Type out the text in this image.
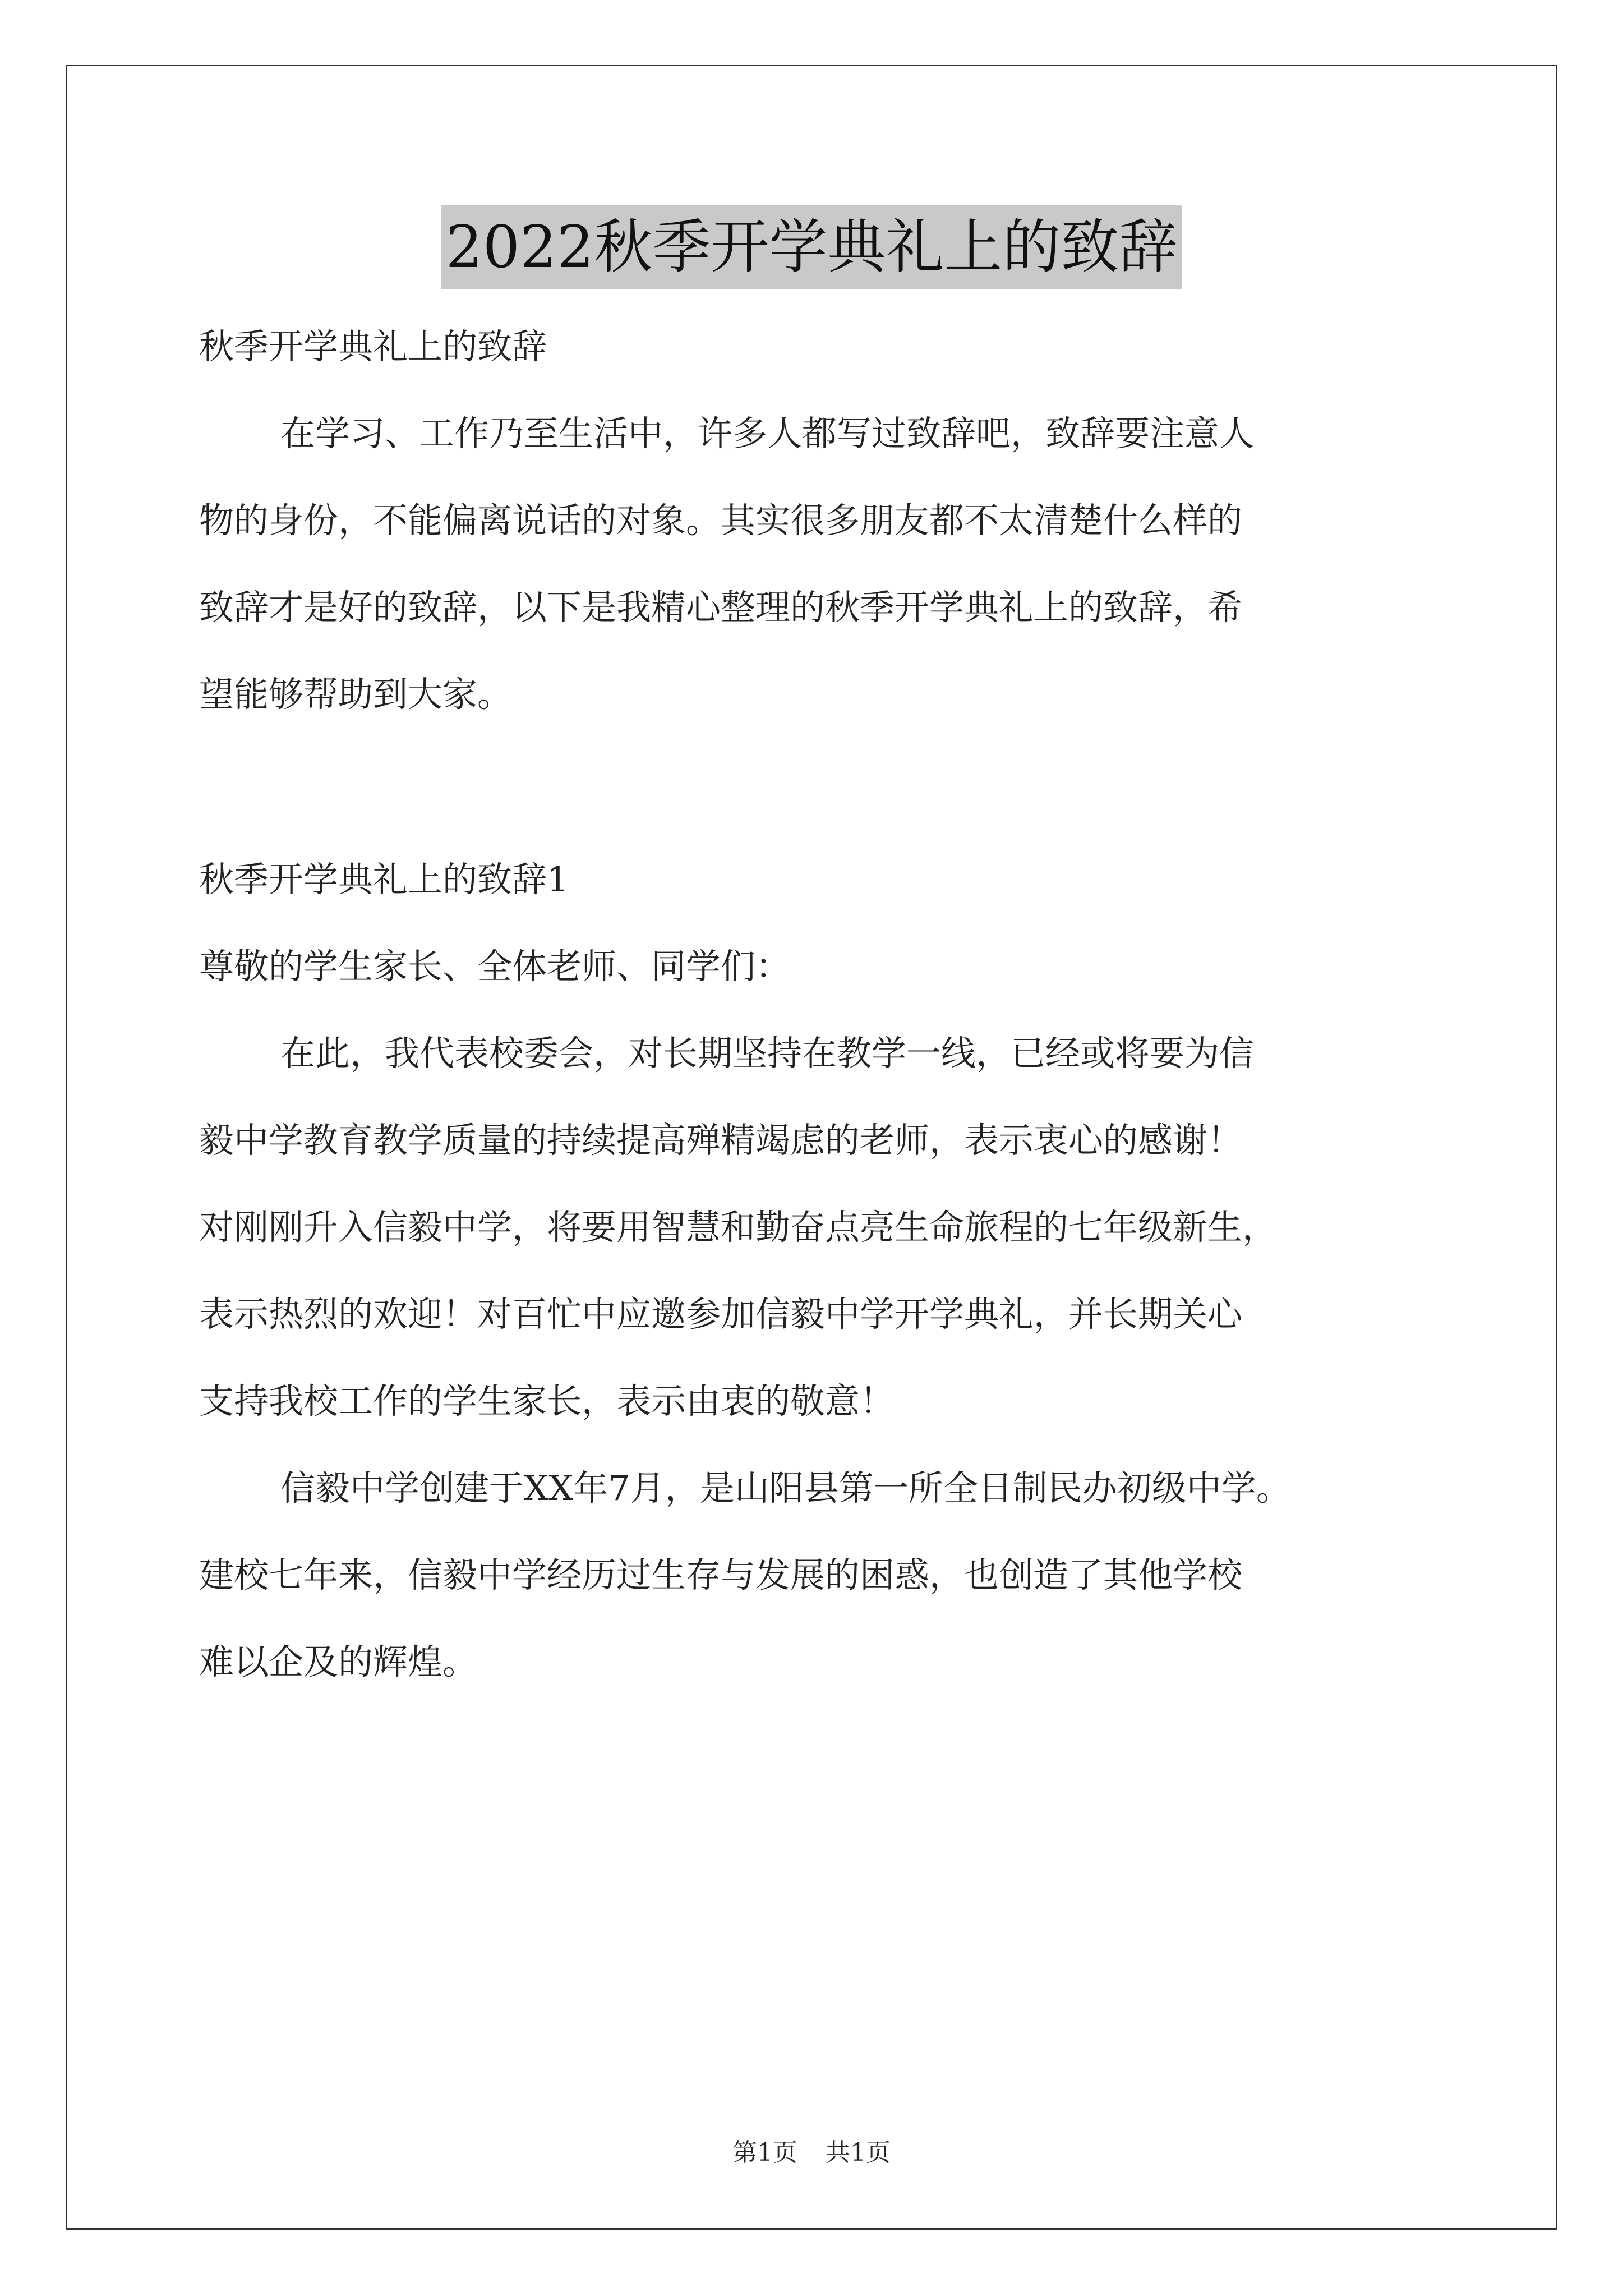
2022秋季开学典礼上的致辞

秋季开学典礼上的致辞

在学习、工作乃至生活中，许多人都写过致辞吧，致辞要注意人

物的身份，不能偏离说话的对象。其实很多朋友都不太清楚什么样的

致辞才是好的致辞，以下是我精心整理的秋季开学典礼上的致辞，希

望能够帮助到大家。

秋季开学典礼上的致辞1

尊敬的学生家长、全体老师、同学们：

在此，我代表校委会，对长期坚持在教学一线，已经或将要为信

毅中学教育教学质量的持续提高殚精竭虑的老师，表示衷心的感谢！

对刚刚升入信毅中学，将要用智慧和勤奋点亮生命旅程的七年级新生，

表示热烈的欢迎！对百忙中应邀参加信毅中学开学典礼，并长期关心

支持我校工作的学生家长，表示由衷的敬意！

信毅中学创建于XX年7月，是山阳县第一所全日制民办初级中学。

建校七年来，信毅中学经历过生存与发展的困惑，也创造了其他学校

难以企及的辉煌。

第1页 共1页
